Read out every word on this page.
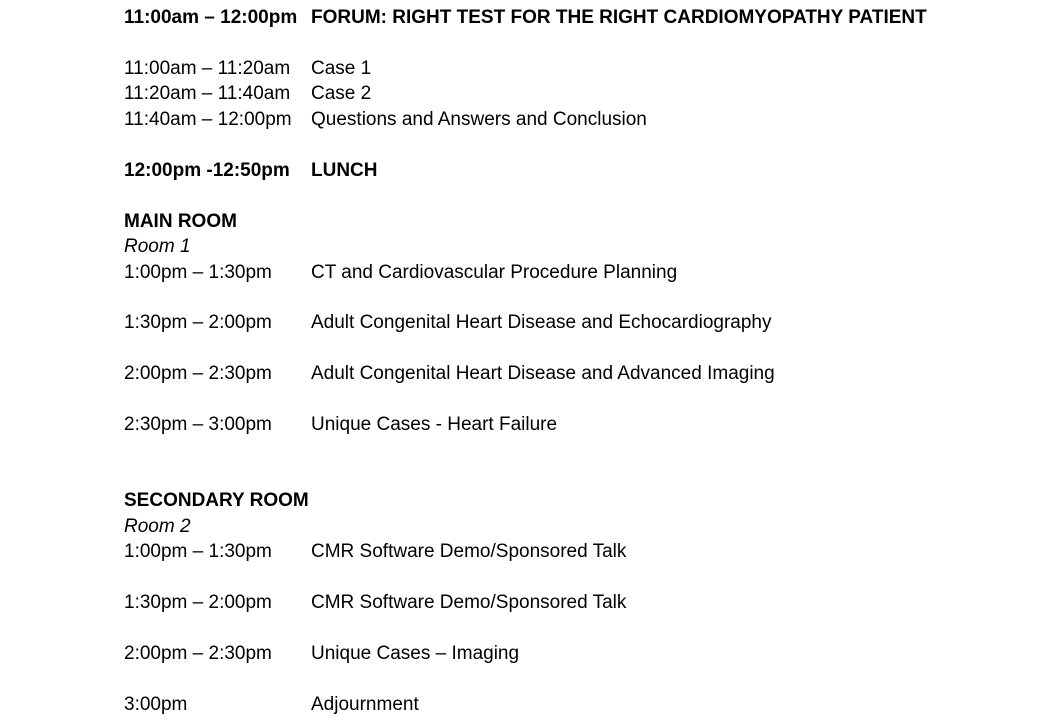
11:00am – 12:00pm FORUM: RIGHT TEST FOR THE RIGHT CARDIOMYOPATHY PATIENT
11:00am – 11:20am Case 1
11:20am – 11:40am Case 2
11:40am – 12:00pm Questions and Answers and Conclusion
12:00pm -12:50pm LUNCH
MAIN ROOM
Room 1
1:00pm – 1:30pm CT and Cardiovascular Procedure Planning
1:30pm – 2:00pm Adult Congenital Heart Disease and Echocardiography
2:00pm – 2:30pm Adult Congenital Heart Disease and Advanced Imaging
2:30pm – 3:00pm Unique Cases - Heart Failure
SECONDARY ROOM
Room 2
1:00pm – 1:30pm CMR Software Demo/Sponsored Talk
1:30pm – 2:00pm CMR Software Demo/Sponsored Talk
2:00pm – 2:30pm Unique Cases – Imaging
3:00pm	Adjournment
